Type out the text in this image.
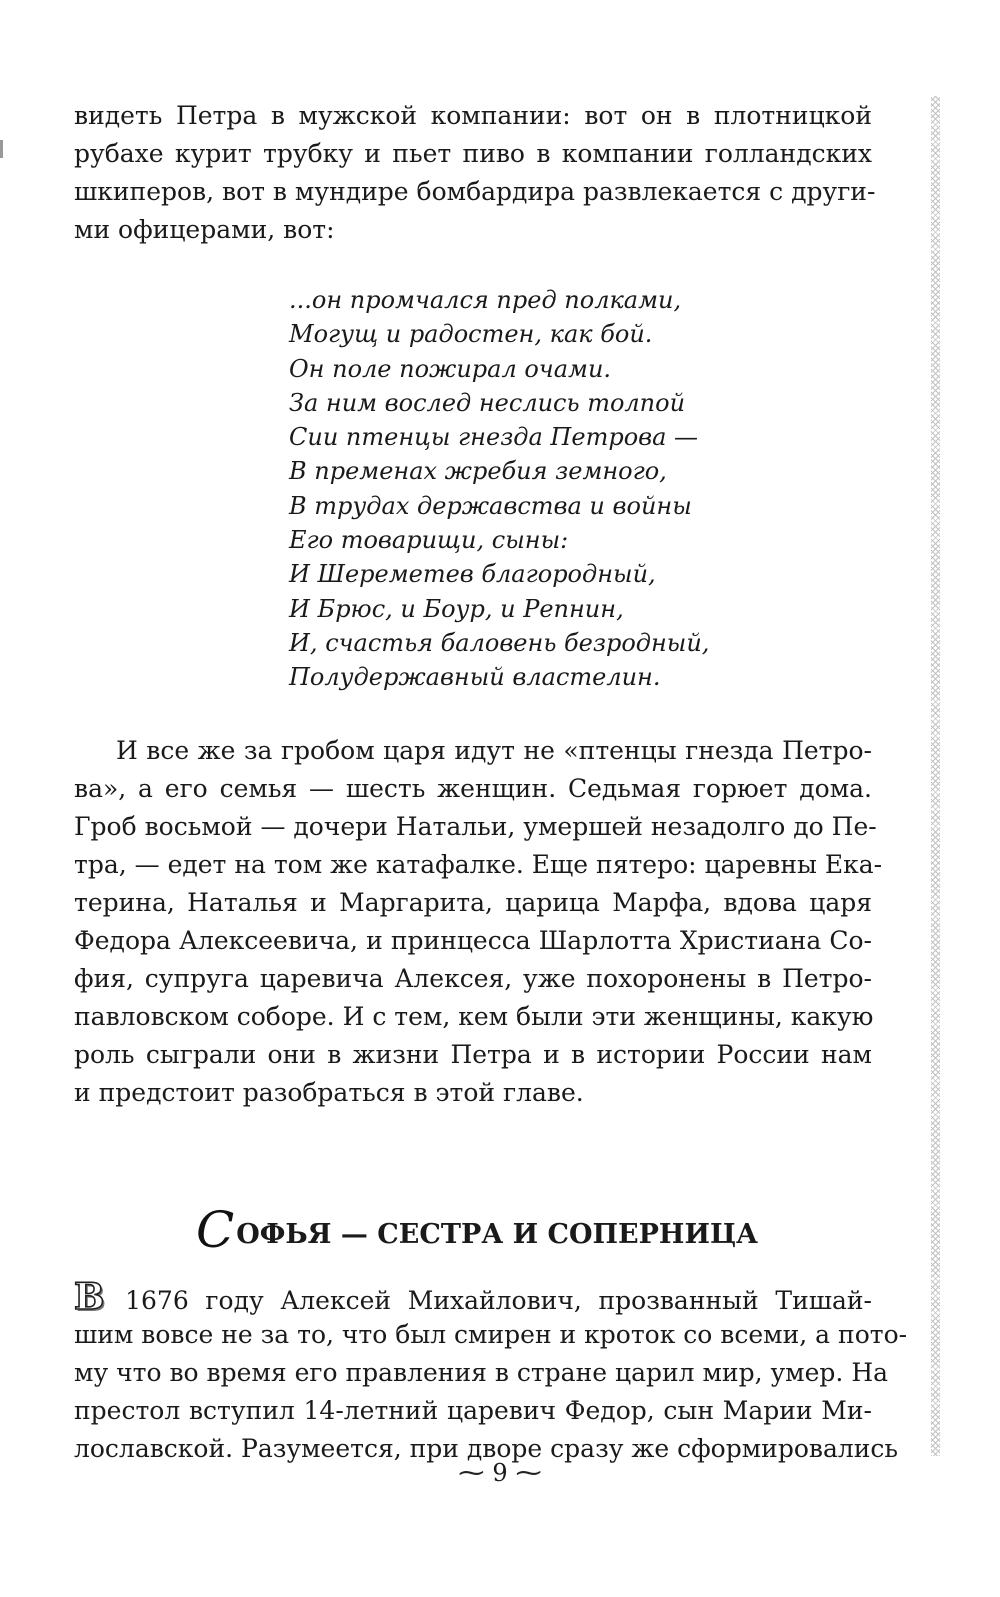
видеть Петра в мужской компании: вот он в плотницкой
рубахе курит трубку и пьет пиво в компании голландских
шкиперов, вот в мундире бомбардира развлекается с други-
ми офицерами, вот:
...он промчался пред полками,
Могущ и радостен, как бой.
Он поле пожирал очами.
За ним вослед неслись толпой
Сии птенцы гнезда Петрова —
В пременах жребия земного,
В трудах державства и войны
Его товарищи, сыны:
И Шереметев благородный,
И Брюс, и Боур, и Репнин,
И, счастья баловень безродный,
Полудержавный властелин.
И все же за гробом царя идут не «птенцы гнезда Петро-
ва», а его семья — шесть женщин. Седьмая горюет дома.
Гроб восьмой — дочери Натальи, умершей незадолго до Пе-
тра, — едет на том же катафалке. Еще пятеро: царевны Ека-
терина, Наталья и Маргарита, царица Марфа, вдова царя
Федора Алексеевича, и принцесса Шарлотта Христиана Со-
фия, супруга царевича Алексея, уже похоронены в Петро-
павловском соборе. И с тем, кем были эти женщины, какую
роль сыграли они в жизни Петра и в истории России нам
и предстоит разобраться в этой главе.
СОФЬЯ — СЕСТРА И СОПЕРНИЦА
В 1676 году Алексей Михайлович, прозванный Тишай-
шим вовсе не за то, что был смирен и кроток со всеми, а пото-
му что во время его правления в стране царил мир, умер. На
престол вступил 14-летний царевич Федор, сын Марии Ми-
лославской. Разумеется, при дворе сразу же сформировались
⁓ 9 ⁓
